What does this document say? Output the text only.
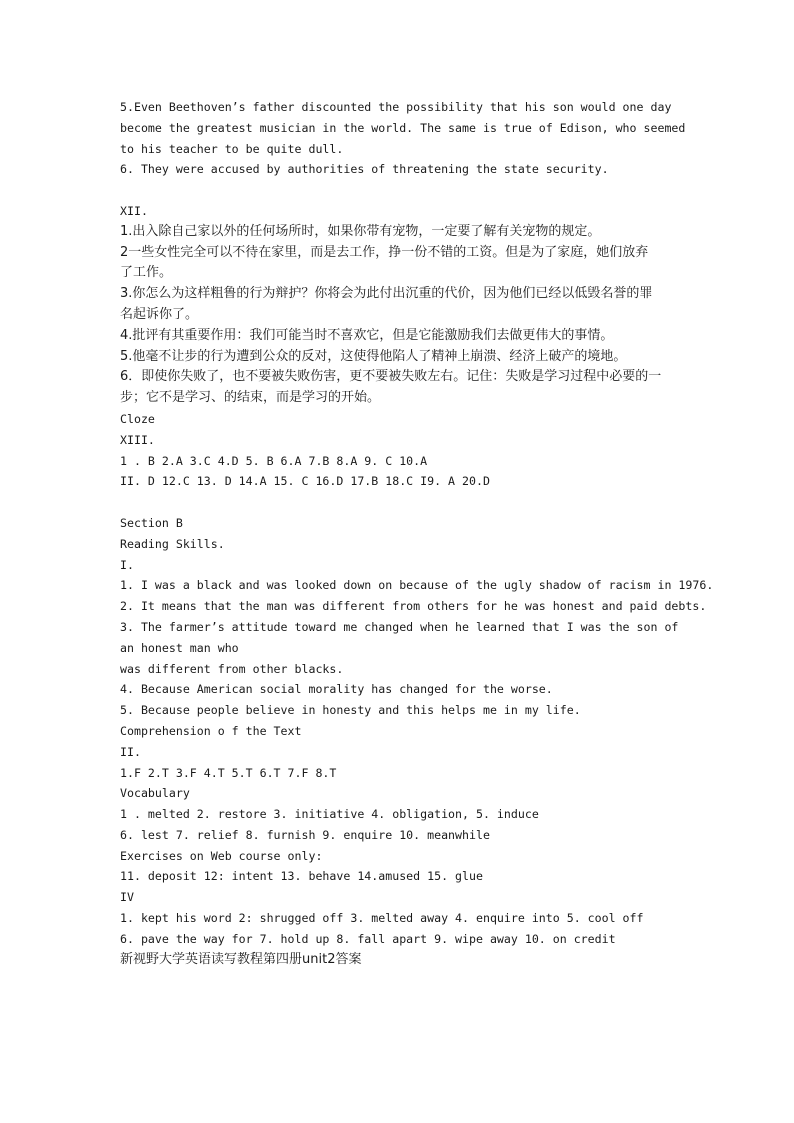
5.Even Beethoven’s father discounted the possibility that his son would one day
become the greatest musician in the world. The same is true of Edison, who seemed
to his teacher to be quite dull.
6. They were accused by authorities of threatening the state security.
XII.
1.出入除自己家以外的任何场所时，如果你带有宠物，一定要了解有关宠物的规定。
2一些女性完全可以不待在家里，而是去工作，挣一份不错的工资。但是为了家庭，她们放弃
了工作。
3.你怎么为这样粗鲁的行为辩护？你将会为此付出沉重的代价，因为他们已经以低毁名誉的罪
名起诉你了。
4.批评有其重要作用：我们可能当时不喜欢它，但是它能激励我们去做更伟大的事情。
5.他毫不让步的行为遭到公众的反对，这使得他陷人了精神上崩溃、经济上破产的境地。
6．即使你失败了，也不要被失败伤害，更不要被失败左右。记住：失败是学习过程中必要的一
步；它不是学习、的结束，而是学习的开始。
Cloze
XIII.
1 . B 2.A 3.C 4.D 5. B 6.A 7.B 8.A 9. C 10.A
II. D 12.C 13. D 14.A 15. C 16.D 17.B 18.C I9. A 20.D
Section B
Reading Skills.
I.
1. I was a black and was looked down on because of the ugly shadow of racism in 1976.
2. It means that the man was different from others for he was honest and paid debts.
3. The farmer’s attitude toward me changed when he learned that I was the son of
an honest man who
was different from other blacks.
4. Because American social morality has changed for the worse.
5. Because people believe in honesty and this helps me in my life.
Comprehension o f the Text
II.
1.F 2.T 3.F 4.T 5.T 6.T 7.F 8.T
Vocabulary
1 . melted 2. restore 3. initiative 4. obligation, 5. induce
6. lest 7. relief 8. furnish 9. enquire 10. meanwhile
Exercises on Web course only:
11. deposit 12: intent 13. behave 14.amused 15. glue
IV
1. kept his word 2: shrugged off 3. melted away 4. enquire into 5. cool off
6. pave the way for 7. hold up 8. fall apart 9. wipe away 10. on credit
新视野大学英语读写教程第四册unit2答案
